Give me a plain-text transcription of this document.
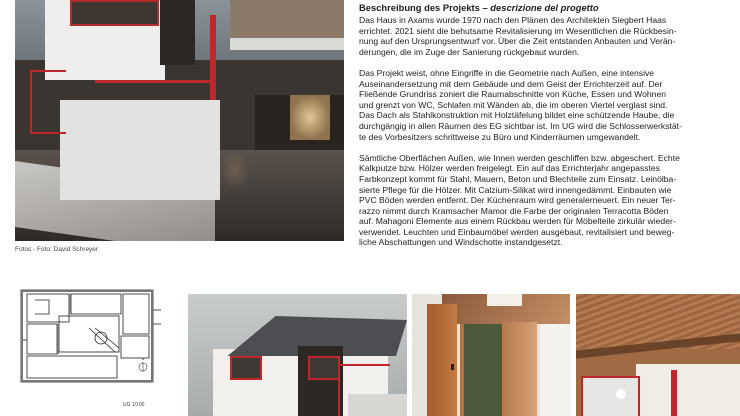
Fotos - Foto: David Schreyer
Beschreibung des Projekts – descrizione del progetto
Das Haus in Axams wurde 1970 nach den Plänen des Architekten Siegbert Haas
errichtet. 2021 sieht die behutsame Revitalisierung im Wesentlichen die Rückbesin-
nung auf den Ursprungsentwurf vor. Über die Zeit entstanden Anbauten und Verän-
derungen, die im Zuge der Sanierung rückgebaut wurden.
Das Projekt weist, ohne Eingriffe in die Geometrie nach Außen, eine intensive
Auseinandersetzung mit dem Gebäude und dem Geist der Errichterzeit auf. Der
Fließende Grundriss zoniert die Raumabschnitte von Küche, Essen und Wohnen
und grenzt von WC, Schlafen mit Wänden ab, die im oberen Viertel verglast sind.
Das Dach als Stahlkonstruktion mit Holztäfelung bildet eine schützende Haube, die
durchgängig in allen Räumen des EG sichtbar ist. Im UG wird die Schlosserwerkstät-
te des Vorbesitzers schrittweise zu Büro und Kinderräumen umgewandelt.
Sämtliche Oberflächen Außen, wie Innen werden geschliffen bzw. abgeschert. Echte
Kalkputze bzw. Hölzer werden freigelegt. Ein auf das Errichterjahr angepasstes
Farbkonzept kommt für Stahl, Mauern, Beton und Blechteile zum Einsatz. Leinölba-
sierte Pflege für die Hölzer. Mit Calzium-Silikat wird innengedämmt. Einbauten wie
PVC Böden werden entfernt. Der Küchenraum wird generalerneuert. Ein neuer Ter-
razzo nimmt durch Kramsacher Mamor die Farbe der originalen Terracotta Böden
auf. Mahagoni Elemente aus einem Rückbau werden für Möbelteile zirkulär wieder-
verwendet. Leuchten und Einbaumöbel werden ausgebaut, revitalisiert und beweg-
liche Abschattungen und Windschotte instandgesetzt.
N
UG 1/100
